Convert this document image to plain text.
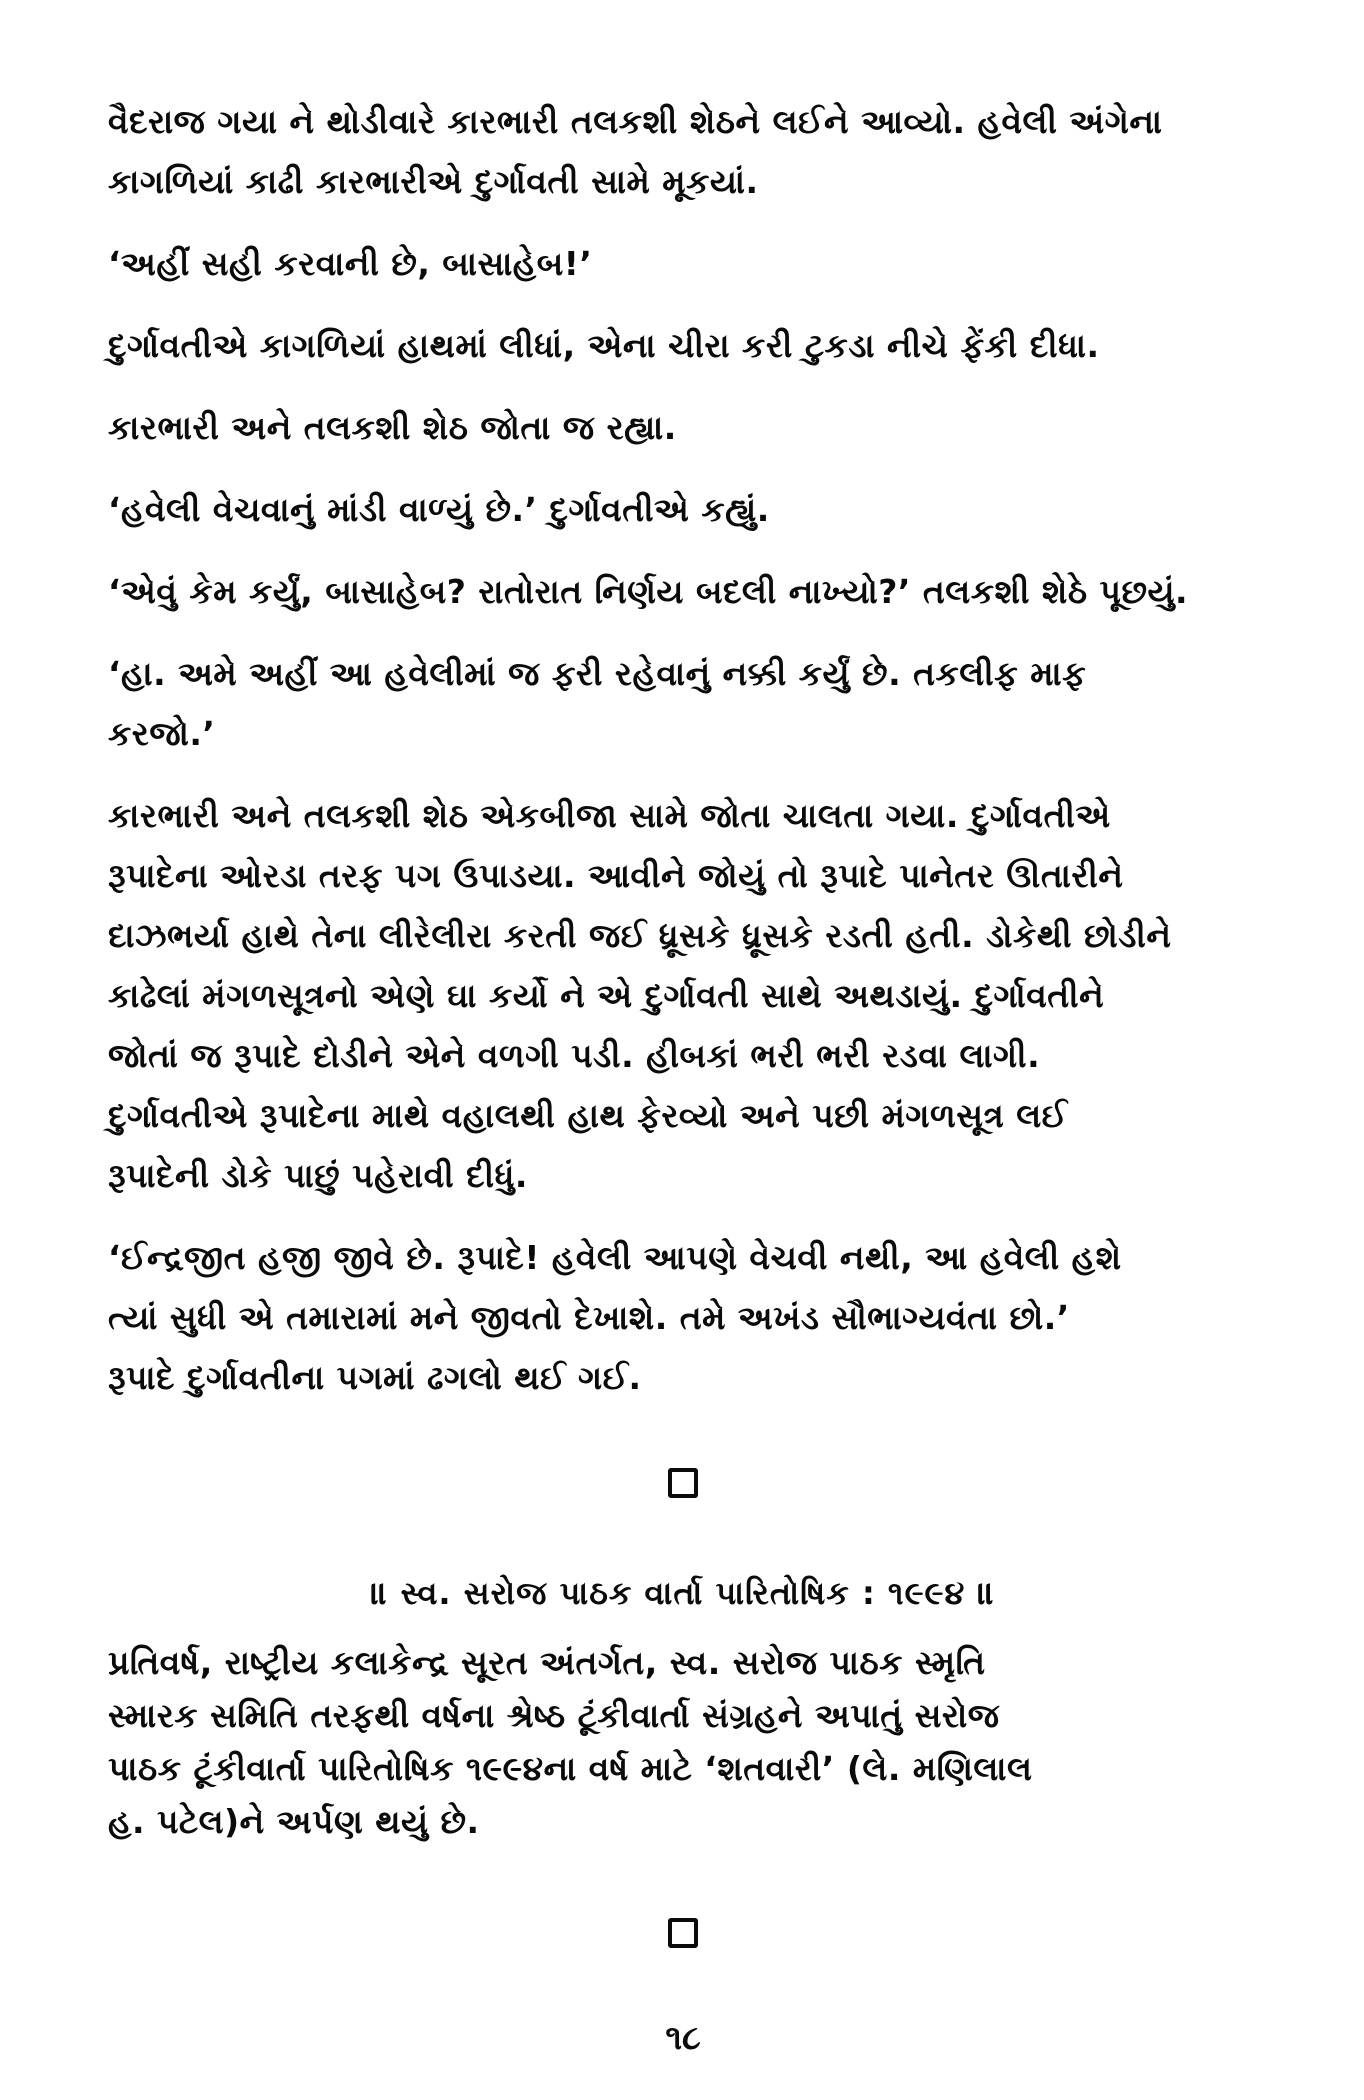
વૈદરાજ ગયા ને થોડીવારે કારભારી તલકશી શેઠને લઈને આવ્યો. હવેલી અંગેના
કાગળિયાં કાઢી કારભારીએ દુર્ગાવતી સામે મૂકયાં.

‘અહીં સહી કરવાની છે, બાસાહેબ!’

દુર્ગાવતીએ કાગળિયાં હાથમાં લીધાં, એના ચીરા કરી ટુકડા નીચે ફેંકી દીધા.

કારભારી અને તલકશી શેઠ જોતા જ રહ્યા.

‘હવેલી વેચવાનું માંડી વાળ્યું છે.’ દુર્ગાવતીએ કહ્યું.

‘એવું કેમ કર્યું, બાસાહેબ? રાતોરાત નિર્ણય બદલી નાખ્યો?’ તલકશી શેઠે પૂછયું.

‘હા. અમે અહીં આ હવેલીમાં જ ફરી રહેવાનું નક્કી કર્યું છે. તકલીફ માફ
કરજો.’

કારભારી અને તલકશી શેઠ એકબીજા સામે જોતા ચાલતા ગયા. દુર્ગાવતીએ
રૂપાદેના ઓરડા તરફ પગ ઉપાડયા. આવીને જોયું તો રૂપાદે પાનેતર ઊતારીને
દાઝભર્યા હાથે તેના લીરેલીરા કરતી જઈ ધ્રૂસકે ધ્રૂસકે રડતી હતી. ડોકેથી છોડીને
કાઢેલાં મંગળસૂત્રનો એણે ઘા કર્યો ને એ દુર્ગાવતી સાથે અથડાયું. દુર્ગાવતીને
જોતાં જ રૂપાદે દોડીને એને વળગી પડી. હીબકાં ભરી ભરી રડવા લાગી.

દુર્ગાવતીએ રૂપાદેના માથે વહાલથી હાથ ફેરવ્યો અને પછી મંગળસૂત્ર લઈ
રૂપાદેની ડોકે પાછું પહેરાવી દીધું.

‘ઈન્દ્રજીત હજી જીવે છે. રૂપાદે! હવેલી આપણે વેચવી નથી, આ હવેલી હશે
ત્યાં સુધી એ તમારામાં મને જીવતો દેખાશે. તમે અખંડ સૌભાગ્યવંતા છો.’
રૂપાદે દુર્ગાવતીના પગમાં ઢગલો થઈ ગઈ.

॥ સ્વ. સરોજ પાઠક વાર્તા પારિતોષિક : ૧૯૯૪ ॥
પ્રતિવર્ષ, રાષ્ટ્રીય કલાકેન્દ્ર સૂરત અંતર્ગત, સ્વ. સરોજ પાઠક સ્મૃતિ
સ્મારક સમિતિ તરફથી વર્ષના શ્રેષ્ઠ ટૂંકીવાર્તા સંગ્રહને અપાતું સરોજ
પાઠક ટૂંકીવાર્તા પારિતોષિક ૧૯૯૪ના વર્ષ માટે ‘શતવારી’ (લે. મણિલાલ
હ. પટેલ)ને અર્પણ થયું છે.
૧૮
